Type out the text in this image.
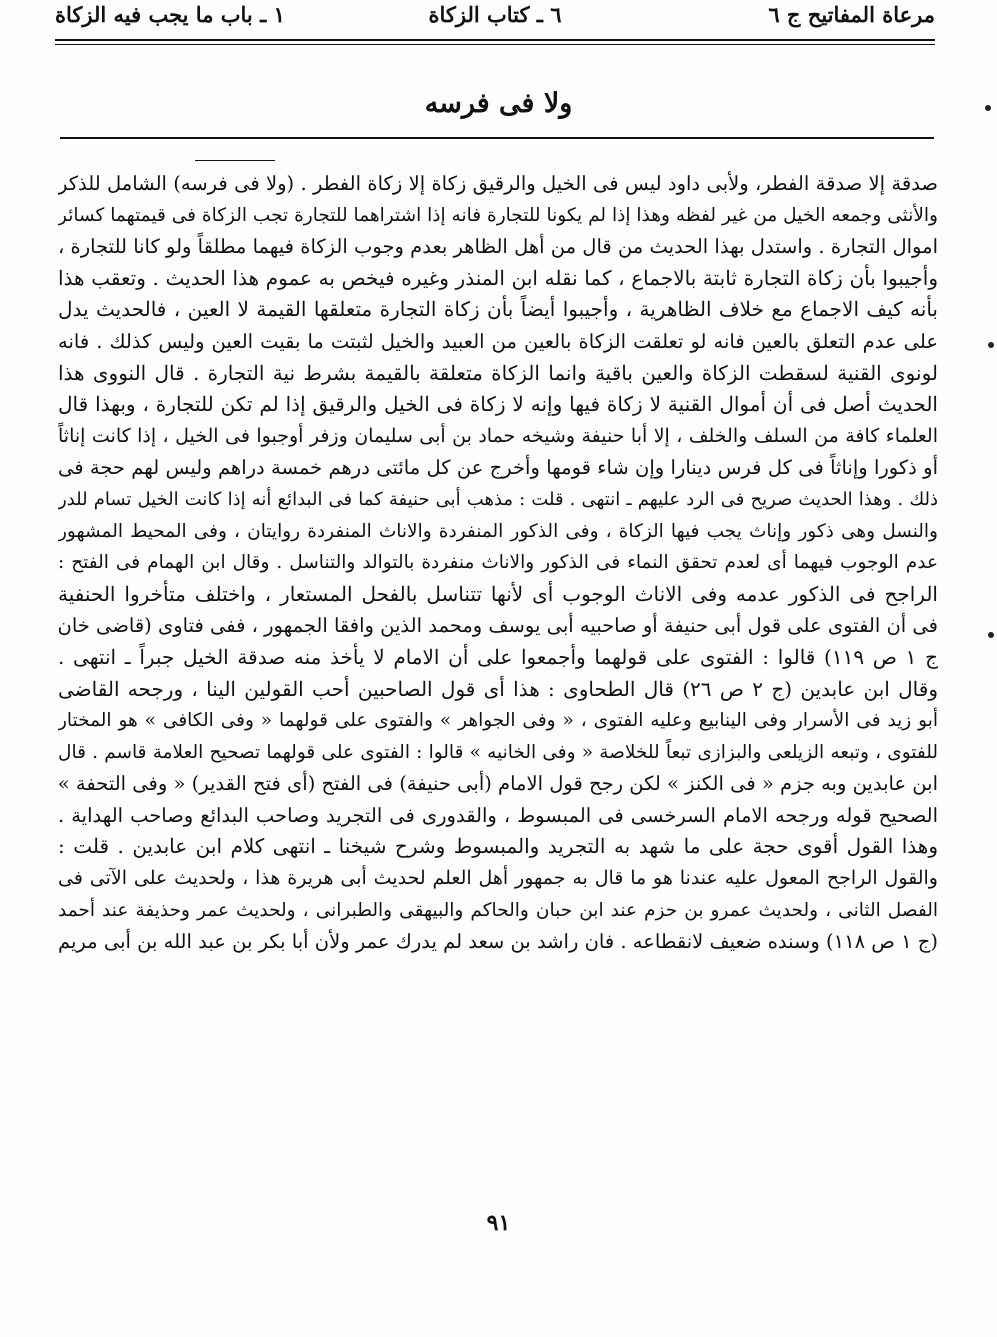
مرعاة المفاتيح ج ٦
٦ ـ كتاب الزكاة
١ ـ باب ما يجب فيه الزكاة
ولا فى فرسه
صدقة إلا صدقة الفطر، ولأبى داود ليس فى الخيل والرقيق زكاة إلا زكاة الفطر . (ولا فى فرسه) الشامل للذكر
والأنثى وجمعه الخيل من غير لفظه وهذا إذا لم يكونا للتجارة فانه إذا اشتراهما للتجارة تجب الزكاة فى قيمتهما كسائر
اموال التجارة . واستدل بهذا الحديث من قال من أهل الظاهر بعدم وجوب الزكاة فيهما مطلقاً ولو كانا للتجارة ،
وأجيبوا بأن زكاة التجارة ثابتة بالاجماع ، كما نقله ابن المنذر وغيره فيخص به عموم هذا الحديث . وتعقب هذا
بأنه كيف الاجماع مع خلاف الظاهرية ، وأجيبوا أيضاً بأن زكاة التجارة متعلقها القيمة لا العين ، فالحديث يدل
على عدم التعلق بالعين فانه لو تعلقت الزكاة بالعين من العبيد والخيل لثبتت ما بقيت العين وليس كذلك . فانه
لونوى القنية لسقطت الزكاة والعين باقية وانما الزكاة متعلقة بالقيمة بشرط نية التجارة . قال النووى هذا
الحديث أصل فى أن أموال القنية لا زكاة فيها وإنه لا زكاة فى الخيل والرقيق إذا لم تكن للتجارة ، وبهذا قال
العلماء كافة من السلف والخلف ، إلا أبا حنيفة وشيخه حماد بن أبى سليمان وزفر أوجبوا فى الخيل ، إذا كانت إناثاً
أو ذكورا وإناثاً فى كل فرس دينارا وإن شاء قومها وأخرج عن كل مائتى درهم خمسة دراهم وليس لهم حجة فى
ذلك . وهذا الحديث صريح فى الرد عليهم ـ انتهى . قلت : مذهب أبى حنيفة كما فى البدائع أنه إذا كانت الخيل تسام للدر
والنسل وهى ذكور وإناث يجب فيها الزكاة ، وفى الذكور المنفردة والاناث المنفردة روايتان ، وفى المحيط المشهور
عدم الوجوب فيهما أى لعدم تحقق النماء فى الذكور والاناث منفردة بالتوالد والتناسل . وقال ابن الهمام فى الفتح :
الراجح فى الذكور عدمه وفى الاناث الوجوب أى لأنها تتناسل بالفحل المستعار ، واختلف متأخروا الحنفية
فى أن الفتوى على قول أبى حنيفة أو صاحبيه أبى يوسف ومحمد الذين وافقا الجمهور ، ففى فتاوى (قاضى خان
ج ١ ص ١١٩) قالوا : الفتوى على قولهما وأجمعوا على أن الامام لا يأخذ منه صدقة الخيل جبراً ـ انتهى .
وقال ابن عابدين (ج ٢ ص ٢٦) قال الطحاوى : هذا أى قول الصاحبين أحب القولين الينا ، ورجحه القاضى
أبو زيد فى الأسرار وفى الينابيع وعليه الفتوى ، « وفى الجواهر » والفتوى على قولهما « وفى الكافى » هو المختار
للفتوى ، وتبعه الزيلعى والبزازى تبعاً للخلاصة « وفى الخانيه » قالوا : الفتوى على قولهما تصحيح العلامة قاسم . قال
ابن عابدين وبه جزم « فى الكنز » لكن رجح قول الامام (أبى حنيفة) فى الفتح (أى فتح القدير) « وفى التحفة »
الصحيح قوله ورجحه الامام السرخسى فى المبسوط ، والقدورى فى التجريد وصاحب البدائع وصاحب الهداية .
وهذا القول أقوى حجة على ما شهد به التجريد والمبسوط وشرح شيخنا ـ انتهى كلام ابن عابدين . قلت :
والقول الراجح المعول عليه عندنا هو ما قال به جمهور أهل العلم لحديث أبى هريرة هذا ، ولحديث على الآتى فى
الفصل الثانى ، ولحديث عمرو بن حزم عند ابن حبان والحاكم والبيهقى والطبرانى ، ولحديث عمر وحذيفة عند أحمد
(ج ١ ص ١١٨) وسنده ضعيف لانقطاعه . فان راشد بن سعد لم يدرك عمر ولأن أبا بكر بن عبد الله بن أبى مريم
٩١
